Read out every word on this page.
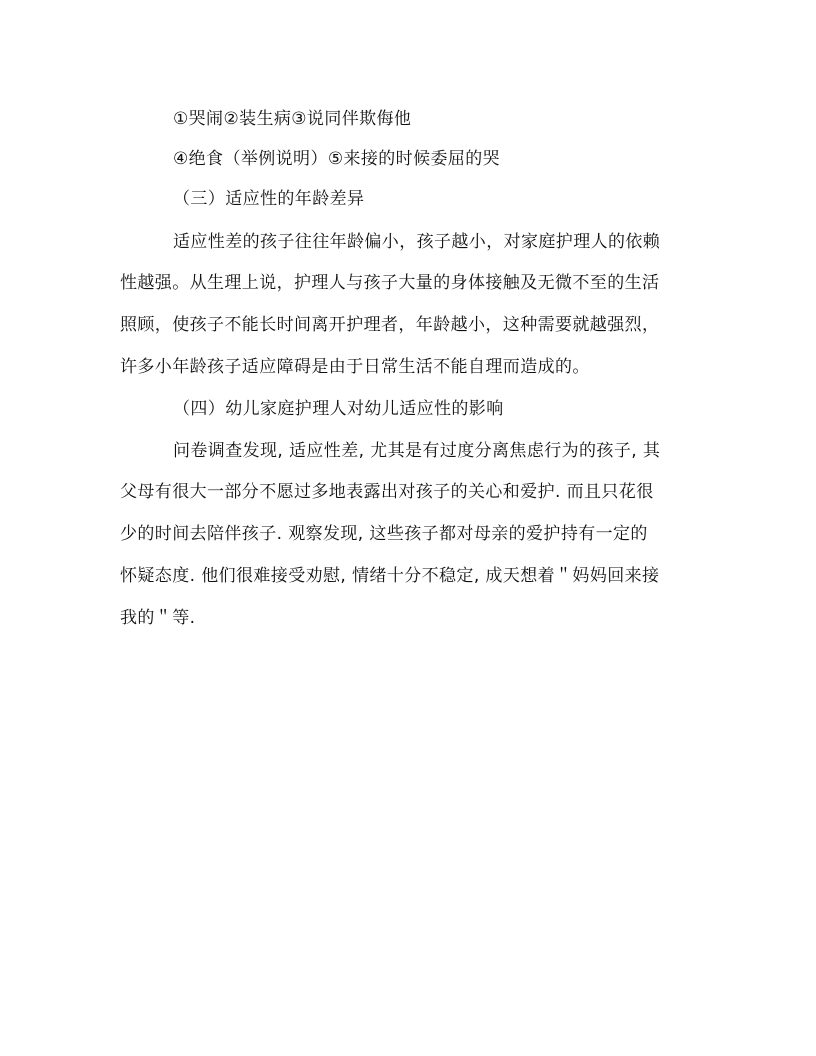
①哭闹②装生病③说同伴欺侮他
④绝食（举例说明）⑤来接的时候委屈的哭
（三）适应性的年龄差异
适应性差的孩子往往年龄偏小，孩子越小，对家庭护理人的依赖
性越强。从生理上说，护理人与孩子大量的身体接触及无微不至的生活
照顾，使孩子不能长时间离开护理者，年龄越小，这种需要就越强烈，
许多小年龄孩子适应障碍是由于日常生活不能自理而造成的。
（四）幼儿家庭护理人对幼儿适应性的影响
问卷调查发现, 适应性差, 尤其是有过度分离焦虑行为的孩子, 其
父母有很大一部分不愿过多地表露出对孩子的关心和爱护. 而且只花很
少的时间去陪伴孩子. 观察发现, 这些孩子都对母亲的爱护持有一定的
怀疑态度. 他们很难接受劝慰, 情绪十分不稳定, 成天想着＂妈妈回来接
我的＂等.
